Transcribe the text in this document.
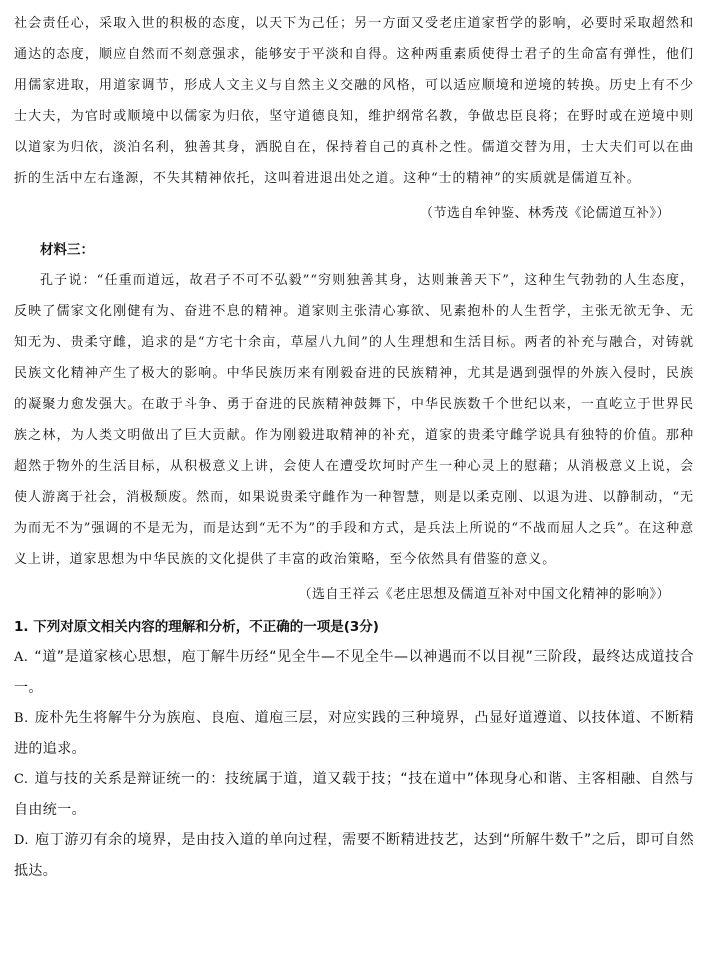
社会责任心，采取入世的积极的态度，以天下为己任；另一方面又受老庄道家哲学的影响，必要时采取超然和通达的态度，顺应自然而不刻意强求，能够安于平淡和自得。这种两重素质使得士君子的生命富有弹性，他们用儒家进取，用道家调节，形成人文主义与自然主义交融的风格，可以适应顺境和逆境的转换。历史上有不少士大夫，为官时或顺境中以儒家为归依，坚守道德良知，维护纲常名教，争做忠臣良将；在野时或在逆境中则以道家为归依，淡泊名利，独善其身，洒脱自在，保持着自己的真朴之性。儒道交替为用，士大夫们可以在曲折的生活中左右逢源，不失其精神依托，这叫着进退出处之道。这种“士的精神”的实质就是儒道互补。

（节选自牟钟鉴、林秀茂《论儒道互补》）

材料三：

孔子说：“任重而道远，故君子不可不弘毅”“穷则独善其身，达则兼善天下”，这种生气勃勃的人生态度，反映了儒家文化刚健有为、奋进不息的精神。道家则主张清心寡欲、见素抱朴的人生哲学，主张无欲无争、无知无为、贵柔守雌，追求的是“方宅十余亩，草屋八九间”的人生理想和生活目标。两者的补充与融合，对铸就民族文化精神产生了极大的影响。中华民族历来有刚毅奋进的民族精神，尤其是遇到强悍的外族入侵时，民族的凝聚力愈发强大。在敢于斗争、勇于奋进的民族精神鼓舞下，中华民族数千个世纪以来，一直屹立于世界民族之林，为人类文明做出了巨大贡献。作为刚毅进取精神的补充，道家的贵柔守雌学说具有独特的价值。那种超然于物外的生活目标，从积极意义上讲，会使人在遭受坎坷时产生一种心灵上的慰藉；从消极意义上说，会使人游离于社会，消极颓废。然而，如果说贵柔守雌作为一种智慧，则是以柔克刚、以退为进、以静制动，“无为而无不为”强调的不是无为，而是达到“无不为”的手段和方式，是兵法上所说的“不战而屈人之兵”。在这种意义上讲，道家思想为中华民族的文化提供了丰富的政治策略，至今依然具有借鉴的意义。

（选自王祥云《老庄思想及儒道互补对中国文化精神的影响》）

1. 下列对原文相关内容的理解和分析，不正确的一项是(3分)

A. “道”是道家核心思想，庖丁解牛历经“见全牛—不见全牛—以神遇而不以目视”三阶段，最终达成道技合一。

B. 庞朴先生将解牛分为族庖、良庖、道庖三层，对应实践的三种境界，凸显好道遵道、以技体道、不断精进的追求。

C. 道与技的关系是辩证统一的：技统属于道，道又载于技；“技在道中”体现身心和谐、主客相融、自然与自由统一。

D. 庖丁游刃有余的境界，是由技入道的单向过程，需要不断精进技艺，达到“所解牛数千”之后，即可自然抵达。
